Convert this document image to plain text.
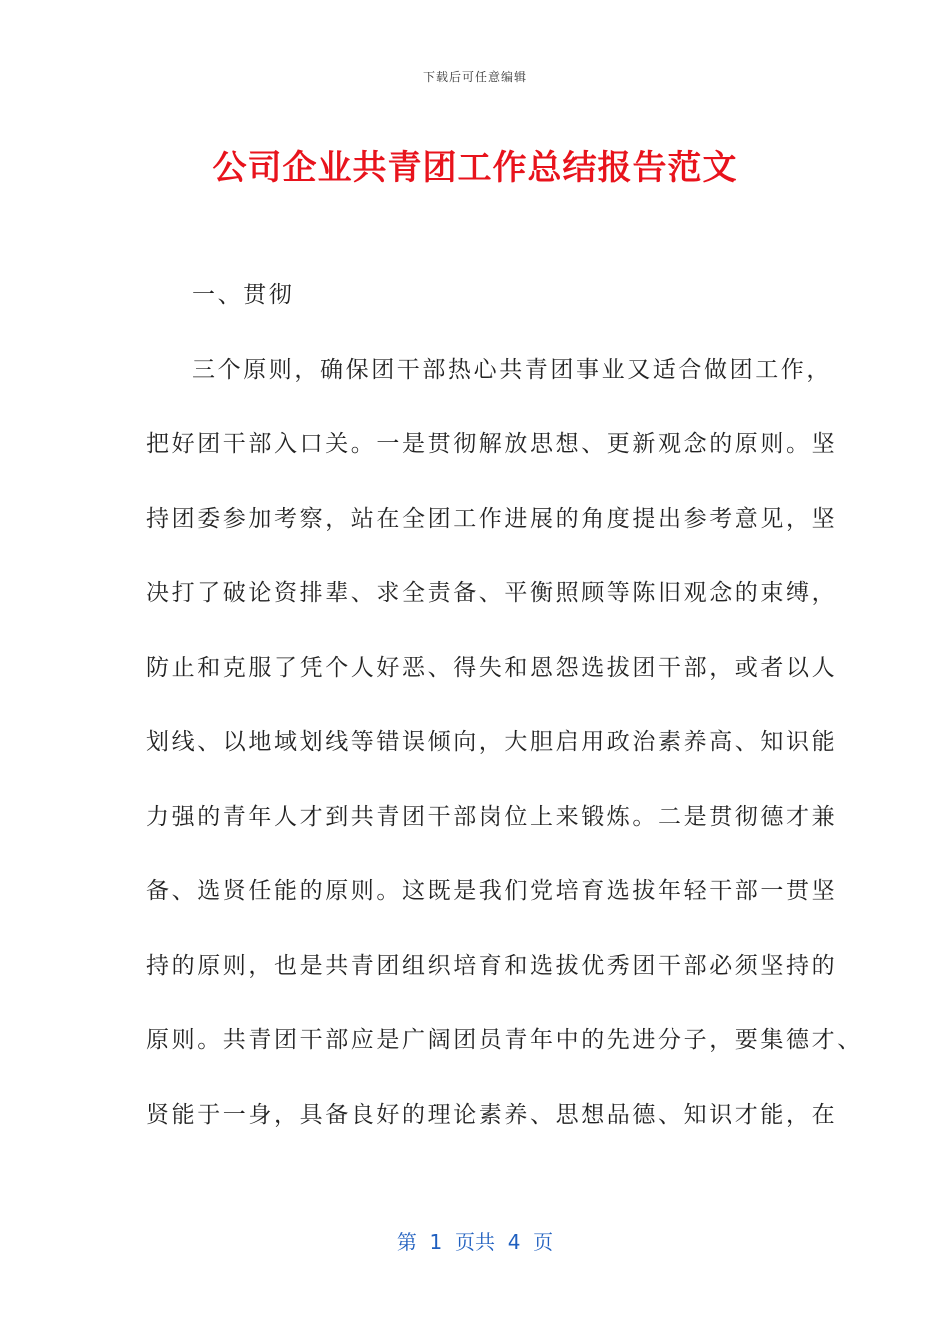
下载后可任意编辑
公司企业共青团工作总结报告范文
一、贯彻
三个原则，确保团干部热心共青团事业又适合做团工作，
把好团干部入口关。一是贯彻解放思想、更新观念的原则。坚
持团委参加考察，站在全团工作进展的角度提出参考意见，坚
决打了破论资排辈、求全责备、平衡照顾等陈旧观念的束缚，
防止和克服了凭个人好恶、得失和恩怨选拔团干部，或者以人
划线、以地域划线等错误倾向，大胆启用政治素养高、知识能
力强的青年人才到共青团干部岗位上来锻炼。二是贯彻德才兼
备、选贤任能的原则。这既是我们党培育选拔年轻干部一贯坚
持的原则，也是共青团组织培育和选拔优秀团干部必须坚持的
原则。共青团干部应是广阔团员青年中的先进分子，要集德才、
贤能于一身，具备良好的理论素养、思想品德、知识才能，在
第  1  页共  4  页
